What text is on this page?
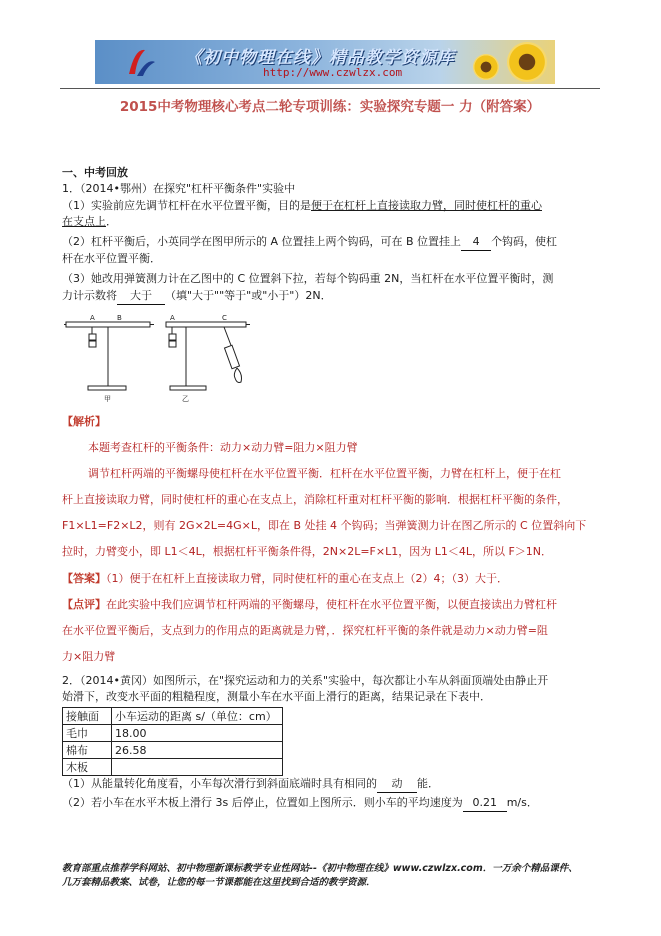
《初中物理在线》精品教学资源库
http://www.czwlzx.com
2015中考物理核心考点二轮专项训练：实验探究专题一 力（附答案）
一、中考回放
1．（2014•鄂州）在探究"杠杆平衡条件"实验中
（1）实验前应先调节杠杆在水平位置平衡，目的是便于在杠杆上直接读取力臂，同时使杠杆的重心
在支点上．
（2）杠杆平衡后，小英同学在图甲所示的 A 位置挂上两个钩码，可在 B 位置挂上 4 个钩码，使杠
杆在水平位置平衡．
（3）她改用弹簧测力计在乙图中的 C 位置斜下拉，若每个钩码重 2N，当杠杆在水平位置平衡时，测
力计示数将 大于 （填"大于""等于"或"小于"）2N．
A	B	A	C
甲	乙
【解析】
本题考查杠杆的平衡条件：动力×动力臂=阻力×阻力臂
调节杠杆两端的平衡螺母使杠杆在水平位置平衡．杠杆在水平位置平衡，力臂在杠杆上，便于在杠
杆上直接读取力臂，同时使杠杆的重心在支点上，消除杠杆重对杠杆平衡的影响．根据杠杆平衡的条件，
F1×L1=F2×L2，则有 2G×2L=4G×L，即在 B 处挂 4 个钩码；当弹簧测力计在图乙所示的 C 位置斜向下
拉时，力臂变小，即 L1＜4L，根据杠杆平衡条件得，2N×2L=F×L1，因为 L1＜4L，所以 F＞1N．
【答案】（1）便于在杠杆上直接读取力臂，同时使杠杆的重心在支点上（2）4；（3）大于．
【点评】在此实验中我们应调节杠杆两端的平衡螺母，使杠杆在水平位置平衡，以便直接读出力臂杠杆
在水平位置平衡后，支点到力的作用点的距离就是力臂，．探究杠杆平衡的条件就是动力×动力臂=阻
力×阻力臂
2．（2014•黄冈）如图所示，在"探究运动和力的关系"实验中，每次都让小车从斜面顶端处由静止开
始滑下，改变水平面的粗糙程度，测量小车在水平面上滑行的距离，结果记录在下表中．
接触面	小车运动的距离 s/（单位：cm）
毛巾	18.00
棉布	26.58
木板	
（1）从能量转化角度看，小车每次滑行到斜面底端时具有相同的 动 能．
（2）若小车在水平木板上滑行 3s 后停止，位置如上图所示．则小车的平均速度为 0.21 m/s．
教育部重点推荐学科网站、初中物理新课标教学专业性网站--《初中物理在线》www.czwlzx.com．一万余个精品课件、
几万套精品教案、试卷，让您的每一节课都能在这里找到合适的教学资源．
